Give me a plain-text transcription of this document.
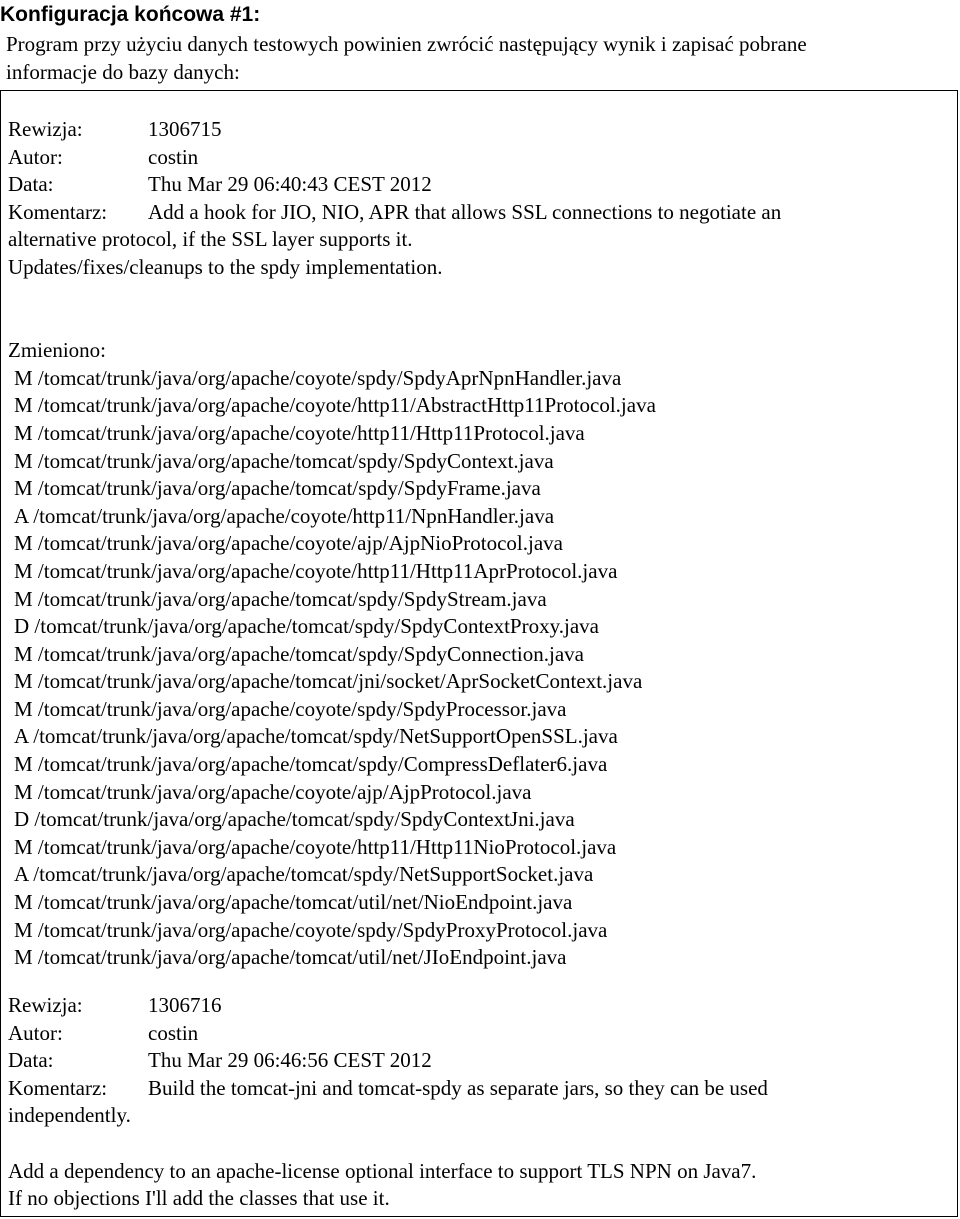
Konfiguracja końcowa #1:

Program przy użyciu danych testowych powinien zwrócić następujący wynik i zapisać pobrane

informacje do bazy danych:

Rewizja:	1306715
Autor:	costin
Data:	Thu Mar 29 06:40:43 CEST 2012
Komentarz:	Add a hook for JIO, NIO, APR that allows SSL connections to negotiate an
alternative protocol, if the SSL layer supports it.
Updates/fixes/cleanups to the spdy implementation.
Zmieniono:
M /tomcat/trunk/java/org/apache/coyote/spdy/SpdyAprNpnHandler.java
M /tomcat/trunk/java/org/apache/coyote/http11/AbstractHttp11Protocol.java
M /tomcat/trunk/java/org/apache/coyote/http11/Http11Protocol.java
M /tomcat/trunk/java/org/apache/tomcat/spdy/SpdyContext.java
M /tomcat/trunk/java/org/apache/tomcat/spdy/SpdyFrame.java
A /tomcat/trunk/java/org/apache/coyote/http11/NpnHandler.java
M /tomcat/trunk/java/org/apache/coyote/ajp/AjpNioProtocol.java
M /tomcat/trunk/java/org/apache/coyote/http11/Http11AprProtocol.java
M /tomcat/trunk/java/org/apache/tomcat/spdy/SpdyStream.java
D /tomcat/trunk/java/org/apache/tomcat/spdy/SpdyContextProxy.java
M /tomcat/trunk/java/org/apache/tomcat/spdy/SpdyConnection.java
M /tomcat/trunk/java/org/apache/tomcat/jni/socket/AprSocketContext.java
M /tomcat/trunk/java/org/apache/coyote/spdy/SpdyProcessor.java
A /tomcat/trunk/java/org/apache/tomcat/spdy/NetSupportOpenSSL.java
M /tomcat/trunk/java/org/apache/tomcat/spdy/CompressDeflater6.java
M /tomcat/trunk/java/org/apache/coyote/ajp/AjpProtocol.java
D /tomcat/trunk/java/org/apache/tomcat/spdy/SpdyContextJni.java
M /tomcat/trunk/java/org/apache/coyote/http11/Http11NioProtocol.java
A /tomcat/trunk/java/org/apache/tomcat/spdy/NetSupportSocket.java
M /tomcat/trunk/java/org/apache/tomcat/util/net/NioEndpoint.java
M /tomcat/trunk/java/org/apache/coyote/spdy/SpdyProxyProtocol.java
M /tomcat/trunk/java/org/apache/tomcat/util/net/JIoEndpoint.java
Rewizja:	1306716
Autor:	costin
Data:	Thu Mar 29 06:46:56 CEST 2012
Komentarz:	Build the tomcat-jni and tomcat-spdy as separate jars, so they can be used
independently.
Add a dependency to an apache-license optional interface to support TLS NPN on Java7.
If no objections I'll add the classes that use it.
